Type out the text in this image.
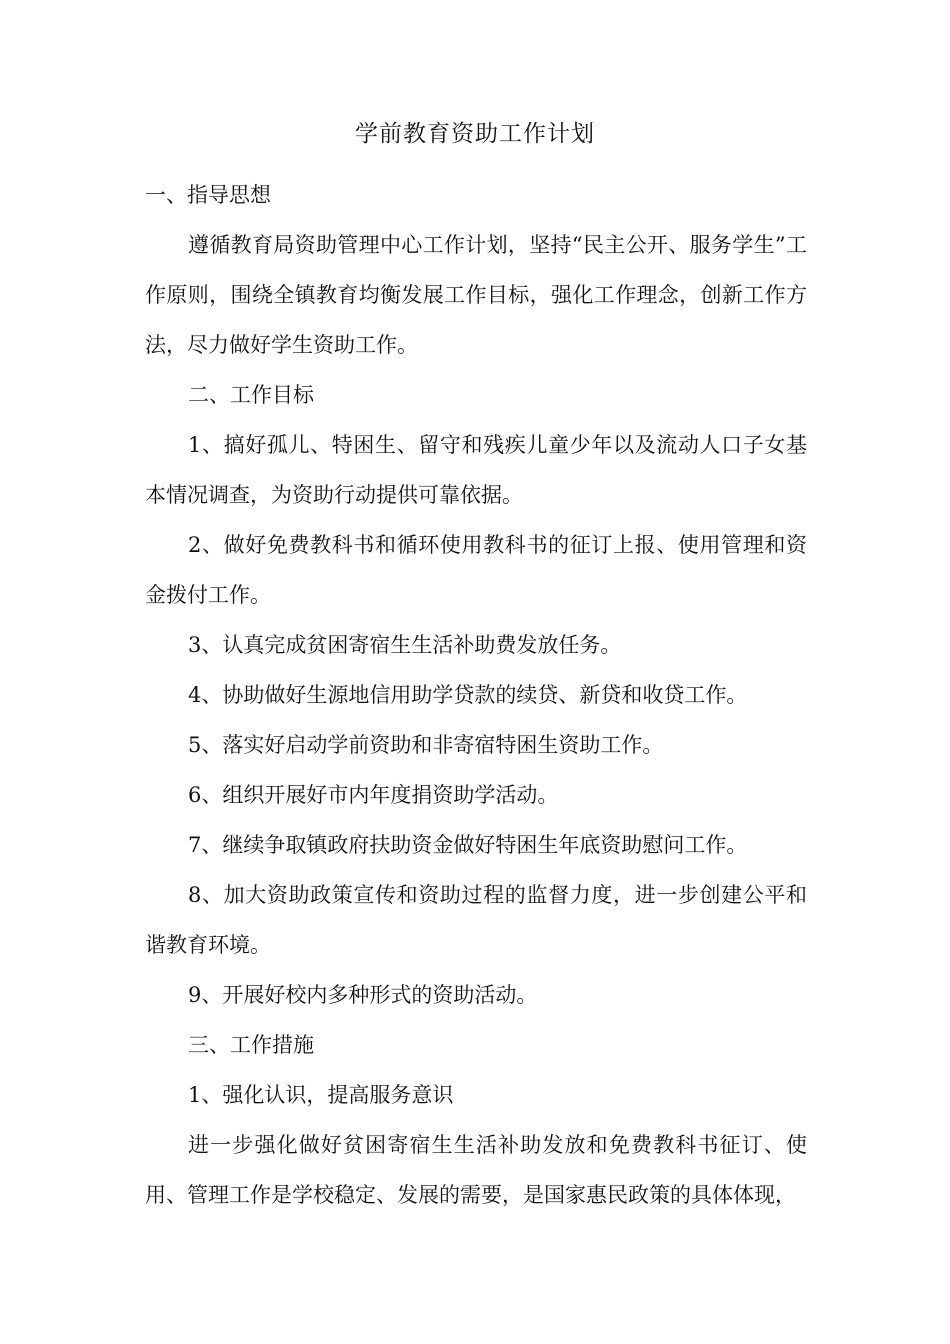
学前教育资助工作计划

一、指导思想

遵循教育局资助管理中心工作计划，坚持“民主公开、服务学生”工作原则，围绕全镇教育均衡发展工作目标，强化工作理念，创新工作方法，尽力做好学生资助工作。

二、工作目标

1、搞好孤儿、特困生、留守和残疾儿童少年以及流动人口子女基本情况调查，为资助行动提供可靠依据。

2、做好免费教科书和循环使用教科书的征订上报、使用管理和资金拨付工作。

3、认真完成贫困寄宿生生活补助费发放任务。

4、协助做好生源地信用助学贷款的续贷、新贷和收贷工作。

5、落实好启动学前资助和非寄宿特困生资助工作。

6、组织开展好市内年度捐资助学活动。

7、继续争取镇政府扶助资金做好特困生年底资助慰问工作。

8、加大资助政策宣传和资助过程的监督力度，进一步创建公平和谐教育环境。

9、开展好校内多种形式的资助活动。

三、工作措施

1、强化认识，提高服务意识

进一步强化做好贫困寄宿生生活补助发放和免费教科书征订、使用、管理工作是学校稳定、发展的需要，是国家惠民政策的具体体现，
